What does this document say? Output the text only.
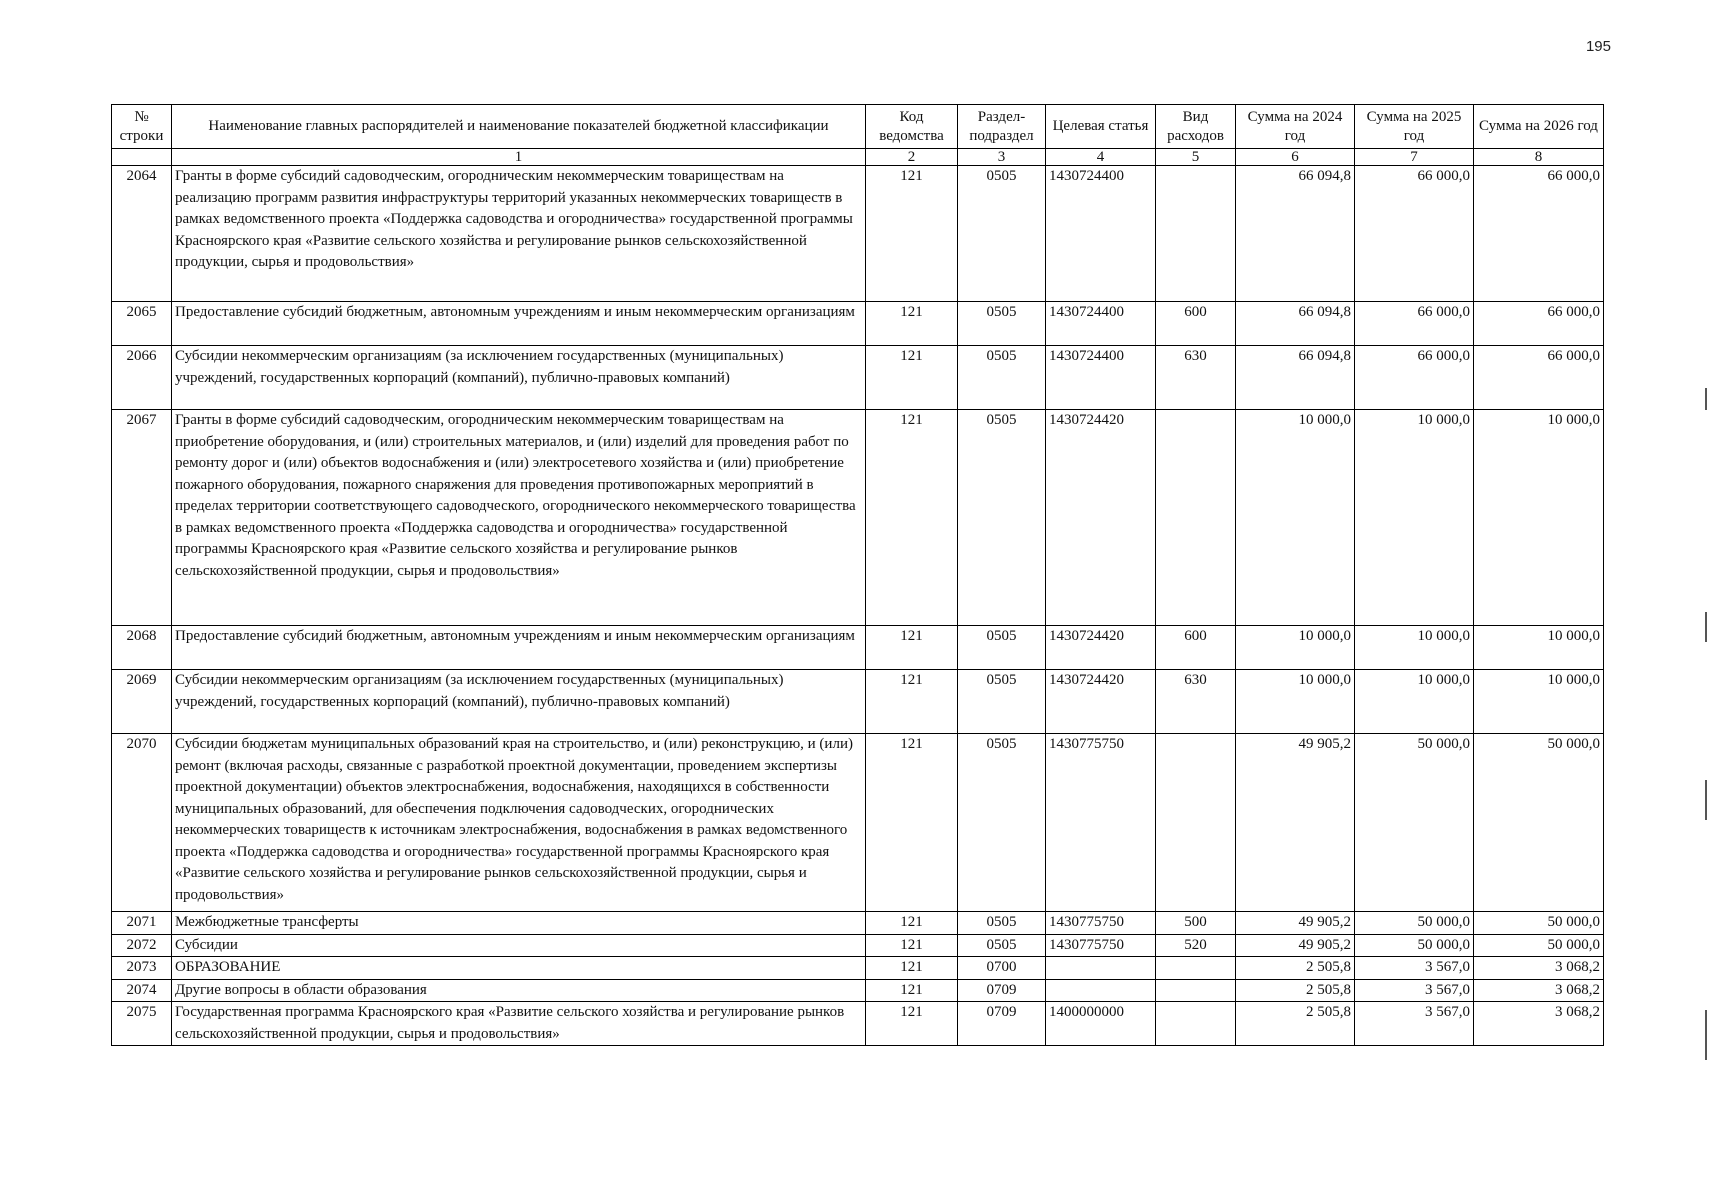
195
№ строки	Наименование главных распорядителей и наименование показателей бюджетной классификации	Код ведомства	Раздел-подраздел	Целевая статья	Вид расходов	Сумма на 2024 год	Сумма на 2025 год	Сумма на 2026 год
	1	2	3	4	5	6	7	8
2064	Гранты в форме субсидий садоводческим, огородническим некоммерческим товариществам на реализацию программ развития инфраструктуры территорий указанных некоммерческих товариществ в рамках ведомственного проекта «Поддержка садоводства и огородничества» государственной программы Красноярского края «Развитие сельского хозяйства и регулирование рынков сельскохозяйственной продукции, сырья и продовольствия»	121	0505	1430724400		66 094,8	66 000,0	66 000,0
2065	Предоставление субсидий бюджетным, автономным учреждениям и иным некоммерческим организациям	121	0505	1430724400	600	66 094,8	66 000,0	66 000,0
2066	Субсидии некоммерческим организациям (за исключением государственных (муниципальных) учреждений, государственных корпораций (компаний), публично-правовых компаний)	121	0505	1430724400	630	66 094,8	66 000,0	66 000,0
2067	Гранты в форме субсидий садоводческим, огородническим некоммерческим товариществам на приобретение оборудования, и (или) строительных материалов, и (или) изделий для проведения работ по ремонту дорог и (или) объектов водоснабжения и (или) электросетевого хозяйства и (или) приобретение пожарного оборудования, пожарного снаряжения для проведения противопожарных мероприятий в пределах территории соответствующего садоводческого, огороднического некоммерческого товарищества в рамках ведомственного проекта «Поддержка садоводства и огородничества» государственной программы Красноярского края «Развитие сельского хозяйства и регулирование рынков сельскохозяйственной продукции, сырья и продовольствия»	121	0505	1430724420		10 000,0	10 000,0	10 000,0
2068	Предоставление субсидий бюджетным, автономным учреждениям и иным некоммерческим организациям	121	0505	1430724420	600	10 000,0	10 000,0	10 000,0
2069	Субсидии некоммерческим организациям (за исключением государственных (муниципальных) учреждений, государственных корпораций (компаний), публично-правовых компаний)	121	0505	1430724420	630	10 000,0	10 000,0	10 000,0
2070	Субсидии бюджетам муниципальных образований края на строительство, и (или) реконструкцию, и (или) ремонт (включая расходы, связанные с разработкой проектной документации, проведением экспертизы проектной документации) объектов электроснабжения, водоснабжения, находящихся в собственности муниципальных образований, для обеспечения подключения садоводческих, огороднических некоммерческих товариществ к источникам электроснабжения, водоснабжения в рамках ведомственного проекта «Поддержка садоводства и огородничества» государственной программы Красноярского края «Развитие сельского хозяйства и регулирование рынков сельскохозяйственной продукции, сырья и продовольствия»	121	0505	1430775750		49 905,2	50 000,0	50 000,0
2071	Межбюджетные трансферты	121	0505	1430775750	500	49 905,2	50 000,0	50 000,0
2072	Субсидии	121	0505	1430775750	520	49 905,2	50 000,0	50 000,0
2073	ОБРАЗОВАНИЕ	121	0700			2 505,8	3 567,0	3 068,2
2074	Другие вопросы в области образования	121	0709			2 505,8	3 567,0	3 068,2
2075	Государственная программа Красноярского края «Развитие сельского хозяйства и регулирование рынков сельскохозяйственной продукции, сырья и продовольствия»	121	0709	1400000000		2 505,8	3 567,0	3 068,2
